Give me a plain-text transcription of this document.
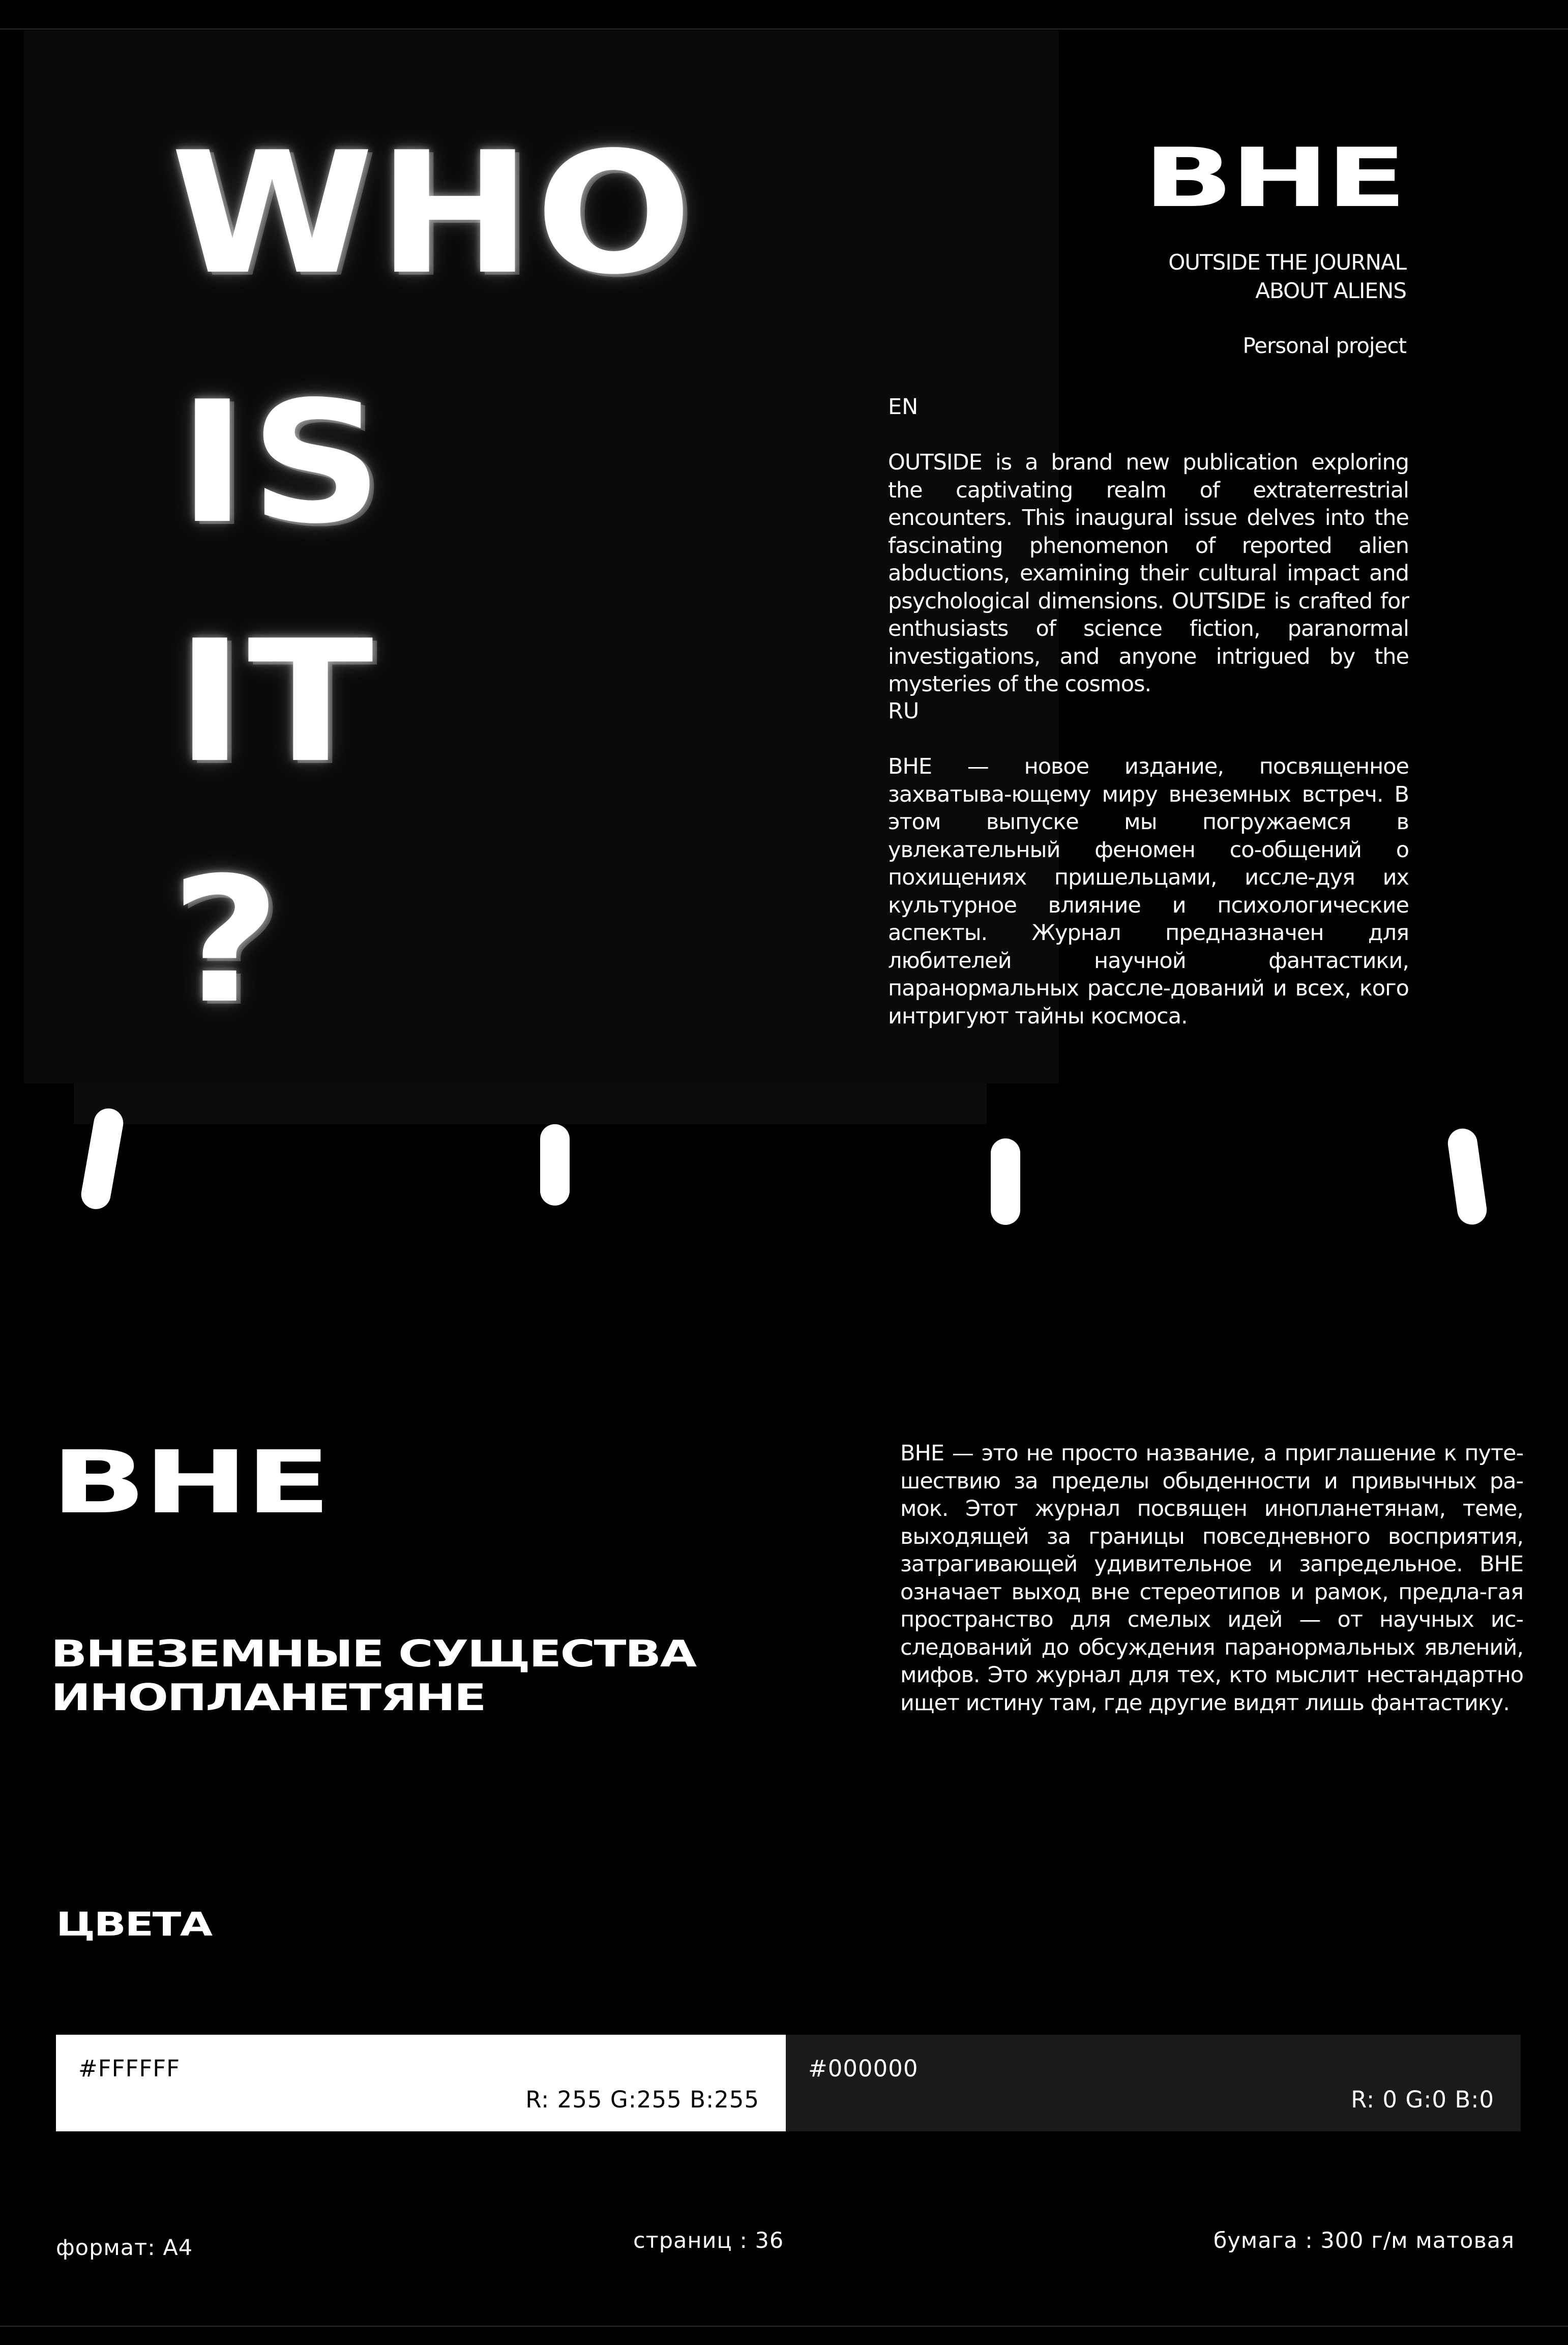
WHO
IS
IT
?
ВНЕ
OUTSIDE THE JOURNAL
ABOUT ALIENS
Personal project
EN
OUTSIDE is a brand new publication exploring the captivating realm of extraterrestrial encounters. This inaugural issue delves into the fascinating phenomenon of reported alien abductions, examining their cultural impact and psychological dimensions. OUTSIDE is crafted for enthusiasts of science fiction, paranormal investigations, and anyone intrigued by the mysteries of the cosmos.
RU
ВНЕ — новое издание, посвященное захватыва-ющему миру внеземных встреч. В этом выпуске мы погружаемся в увлекательный феномен со-общений о похищениях пришельцами, иссле-дуя их культурное влияние и психологические аспекты. Журнал предназначен для любителей научной фантастики, паранормальных рассле-дований и всех, кого интригуют тайны космоса.
ВНЕ
ВНЕЗЕМНЫЕ СУЩЕСТВА
ИНОПЛАНЕТЯНЕ
ВНЕ — это не просто название, а приглашение к путе-шествию за пределы обыденности и привычных ра-мок. Этот журнал посвящен инопланетянам, теме, выходящей за границы повседневного восприятия, затрагивающей удивительное и запредельное. ВНЕ означает выход вне стереотипов и рамок, предла-гая пространство для смелых идей — от научных ис-следований до обсуждения паранормальных явлений, мифов. Это журнал для тех, кто мыслит нестандартно ищет истину там, где другие видят лишь фантастику.
ЦВЕТА
#FFFFFF
R: 255 G:255 B:255
#000000
R: 0 G:0 B:0
формат: А4	страниц : 36	бумага : 300 г/м матовая
